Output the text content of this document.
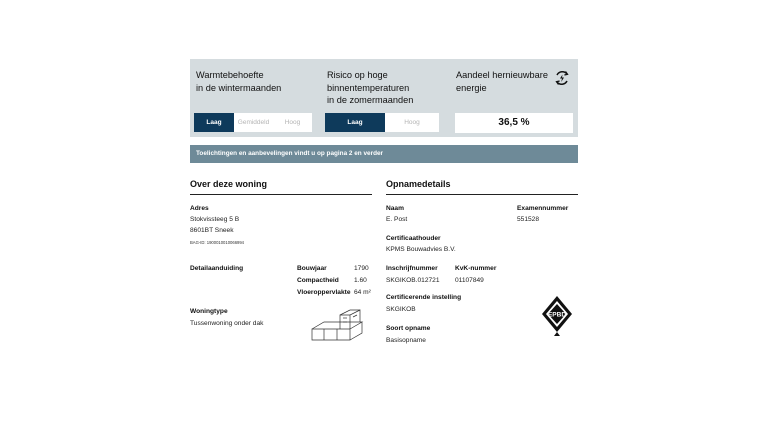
Warmtebehoefte
in de wintermaanden
Laag	Gemiddeld	Hoog
Risico op hoge
binnentemperaturen
in de zomermaanden
Laag	Hoog
Aandeel hernieuwbare
energie
36,5 %
Toelichtingen en aanbevelingen vindt u op pagina 2 en verder
Over deze woning
Adres
Stokvissteeg 5 B
8601BT Sneek
BAG-ID: 1900010010066994
Detailaanduiding	Bouwjaar	1790
Compactheid 1.60
Vloeroppervlakte 64 m²
Woningtype
Tussenwoning onder dak
Opnamedetails
Naam
E. Post
Examennummer
551528
Certificaathouder
KPMS Bouwadvies B.V.
Inschrijfnummer
SKGIKOB.012721
KvK-nummer
01107849
Certificerende instelling
SKGIKOB
Soort opname
Basisopname
EPBD
